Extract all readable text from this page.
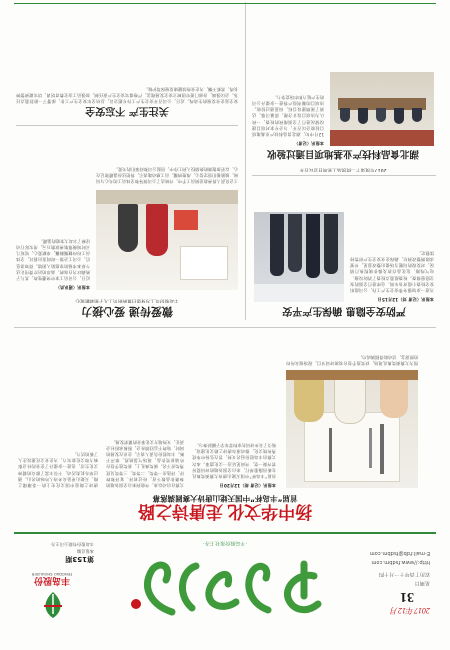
2017年12月
31
星期日
农历丁酉年十一月十四
http://www.fsdbm.com
E-mail:fdb@fsdbm.com
·丰岛股份报社主办·
丰岛股份
FENGDAO SHOULDER
第153期
本报总编
丰岛股份有限公司主办
扬中华文化 走唐诗之路
首届“丰岛杯”中国天姥山唐诗大赛圆满落幕
图为大赛颁奖典礼现场，获奖选手登台表演诗词节目，现场观众纷纷拍照留念，活动取得圆满成功。
本报讯（记者 胡）12月20日
首届“丰岛杯”中国天姥山唐诗大赛颁奖典礼在新昌隆重举行，来自全国各地的诗词爱好者齐聚一堂，共同见证这一文化盛事。本次大赛由丰岛股份冠名支持，旨在弘扬中华优秀传统文化，推动浙东唐诗之路文化建设，吸引了众多诗词名家和青年学子踊跃参与。
大赛自启动以来，共收到来自全国各地的参赛作品数千首，经过初评、复评和终评，评选出一等奖、二等奖、三等奖及优秀奖若干名。颁奖典礼上，获奖选手登台吟诵获奖作品，现场气氛热烈，掌声不断。丰岛股份负责人表示，企业在发展的同时，始终不忘回馈社会，积极承担社会责任，支持地方文化事业的繁荣发展。
唐诗之路是中国文化史上的一条璀璨之路，天姥山更是众多诗人吟咏的名山。通过举办此类活动，不仅丰富了群众的精神文化生活，也进一步提升了企业的社会影响力和文化软实力，为企业文化建设注入了新的活力。
严防安全隐患 确保生产平安
本报讯（记者 刘）12月15日
为进一步加强冬季安全生产工作，公司组织安全检查小组对各车间、仓库进行全面的安全隐患排查。检查组重点检查了消防设施、电气线路、危化品存放及操作规程执行情况，对发现的问题当场提出整改意见，并要求限期整改到位，确保企业安全生产形势持续稳定。
微爱传递 爱心接力
丰岛股份员工为身患白血病的员工儿子捐款献爱心
本报讯（通讯员）
近日，公司员工家中突遭变故，其儿子被确诊为白血病，高昂的治疗费用让这个原本幸福的家庭陷入困境。得知消息后，公司工会第一时间发出倡议，全体员工纷纷慷慨解囊，奉献爱心，短短几天时间便筹集善款数万元，用实际行动诠释了丰岛大家庭的温暖。
工会负责人将善款送到员工手中，并转达了公司领导和全体员工的关心与问候，鼓励他们坚定信心，战胜病魔。员工感动地表示，将把这份温暖铭记在心，以更加饱满的热情投入到工作中，回报公司和同事们的关爱。	2017年度第十二批食品工业项目会议召开
湖北食品科技产业基地项目通过验收
本报讯（记者）
12月中旬，湖北食品科技产业基地项目验收会议召开，与会专家对项目建设情况进行了全面细致的检查，一致认为该项目设计合理、质量可靠，达到了预期建设目标，同意通过验收。该项目的顺利投产将进一步提升公司的生产能力和市场竞争力。
关注生产 不忘安全
安全是企业发展的生命线。近日，公司召开安全生产工作专题会议，总结全年安全生产工作，部署下一阶段重点任务。会议强调，各部门要牢固树立安全发展理念，严格落实安全生产责任制，加强员工安全教育培训，切实做到警钟长鸣、常抓不懈，为企业持续健康发展保驾护航。
